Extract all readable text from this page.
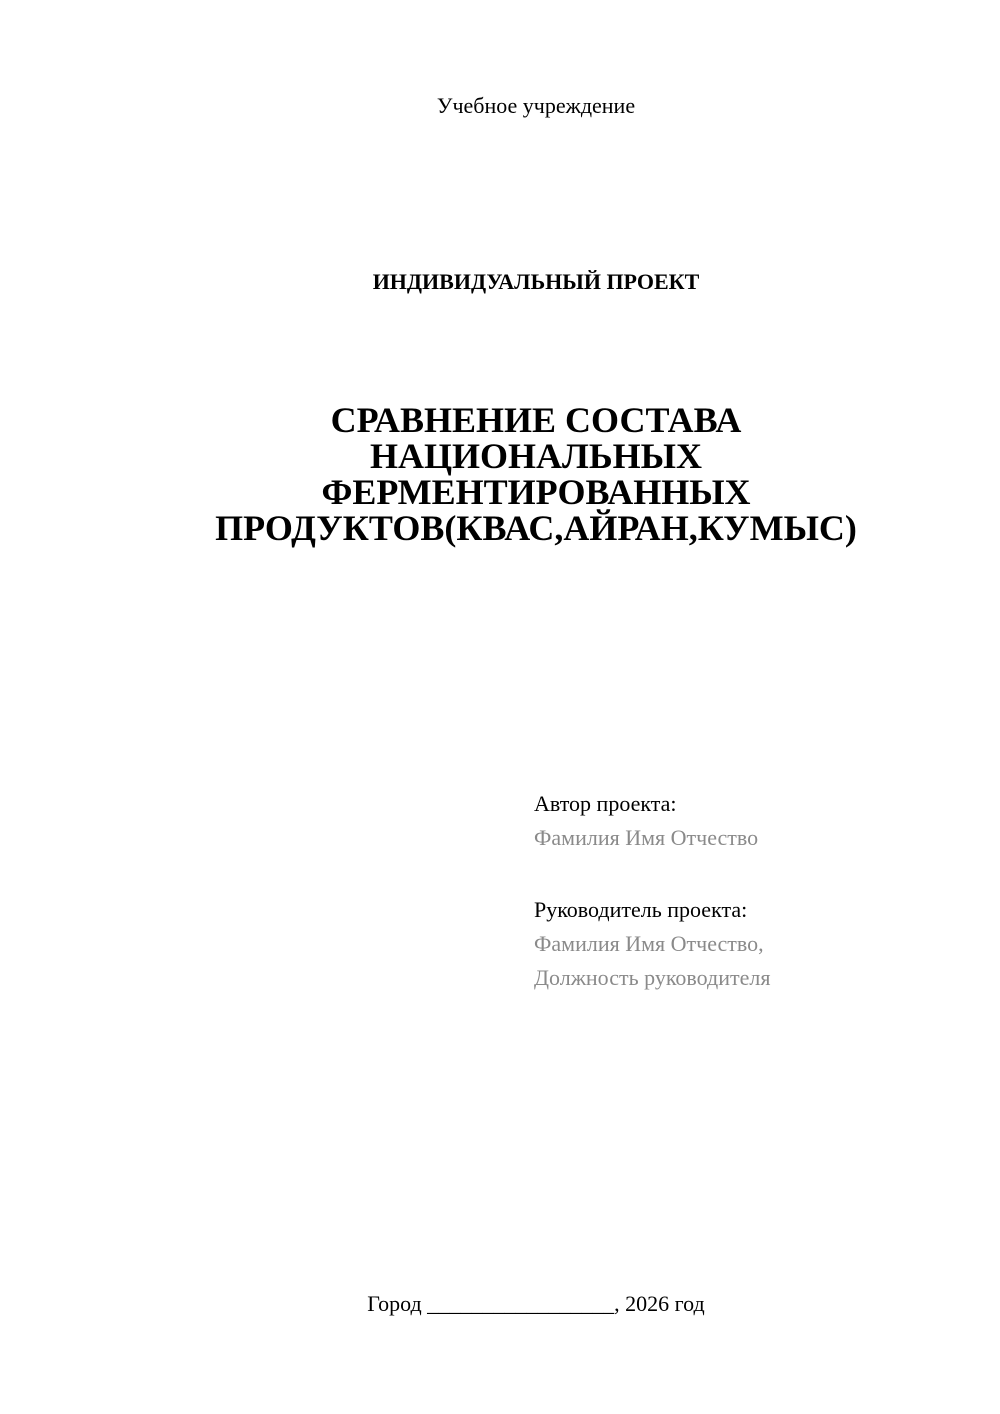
Учебное учреждение
ИНДИВИДУАЛЬНЫЙ ПРОЕКТ
СРАВНЕНИЕ СОСТАВА
НАЦИОНАЛЬНЫХ
ФЕРМЕНТИРОВАННЫХ
ПРОДУКТОВ(КВАС,АЙРАН,КУМЫС)
Автор проекта:
Фамилия Имя Отчество
Руководитель проекта:
Фамилия Имя Отчество,
Должность руководителя
Город _________________, 2026 год
